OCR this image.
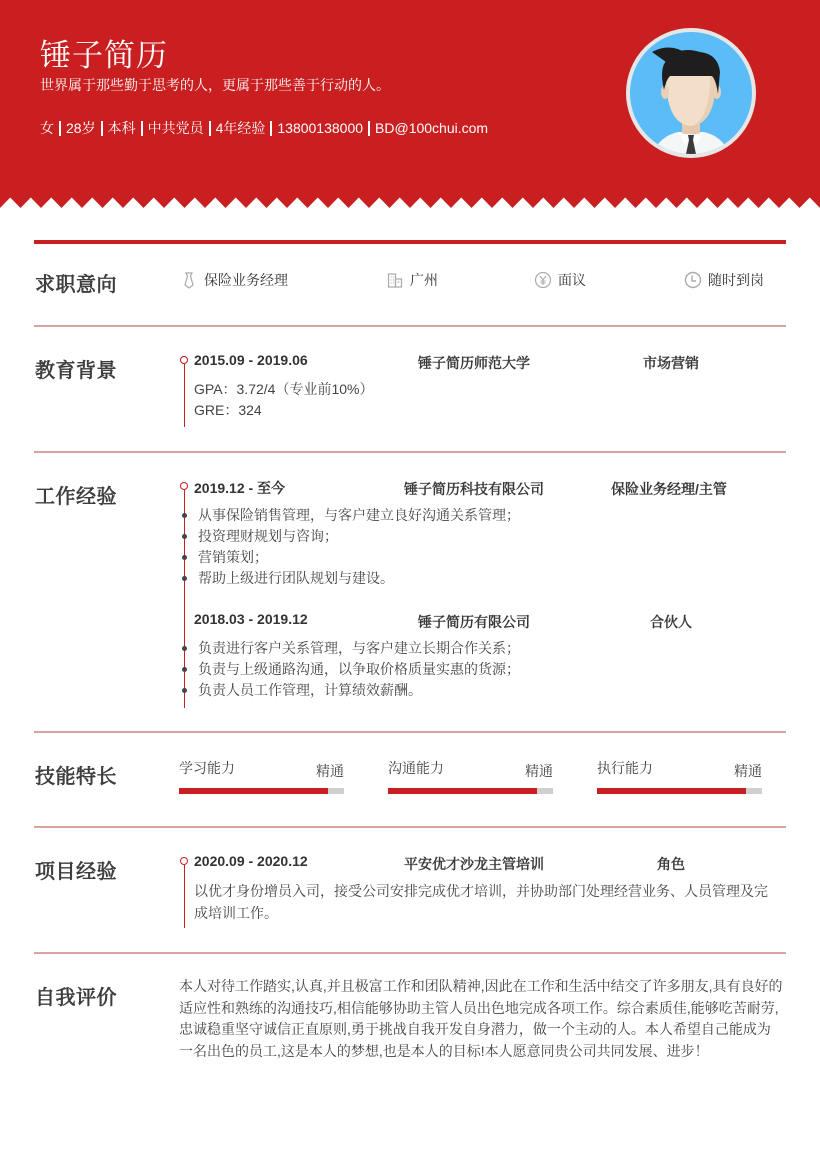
锤子简历
世界属于那些勤于思考的人，更属于那些善于行动的人。
女 28岁 本科 中共党员 4年经验 13800138000 BD@100chui.com
求职意向	保险业务经理	广州	面议	随时到岗
教育背景	2015.09 - 2019.06	锤子简历师范大学	市场营销
GPA：3.72/4（专业前10%）
GRE：324
工作经验	2019.12 - 至今	锤子简历科技有限公司	保险业务经理/主管
从事保险销售管理，与客户建立良好沟通关系管理；
投资理财规划与咨询；
营销策划；
帮助上级进行团队规划与建设。
2018.03 - 2019.12	锤子简历有限公司	合伙人
负责进行客户关系管理，与客户建立长期合作关系；
负责与上级通路沟通，以争取价格质量实惠的货源；
负责人员工作管理，计算绩效薪酬。
技能特长	学习能力	精通	沟通能力	精通	执行能力	精通
项目经验	2020.09 - 2020.12	平安优才沙龙主管培训	角色
以优才身份增员入司，接受公司安排完成优才培训，并协助部门处理经营业务、人员管理及完成培训工作。
自我评价
本人对待工作踏实,认真,并且极富工作和团队精神,因此在工作和生活中结交了许多朋友,具有良好的适应性和熟练的沟通技巧,相信能够协助主管人员出色地完成各项工作。综合素质佳,能够吃苦耐劳,忠诚稳重坚守诚信正直原则,勇于挑战自我开发自身潜力，做一个主动的人。本人希望自己能成为一名出色的员工,这是本人的梦想,也是本人的目标!本人愿意同贵公司共同发展、进步！
